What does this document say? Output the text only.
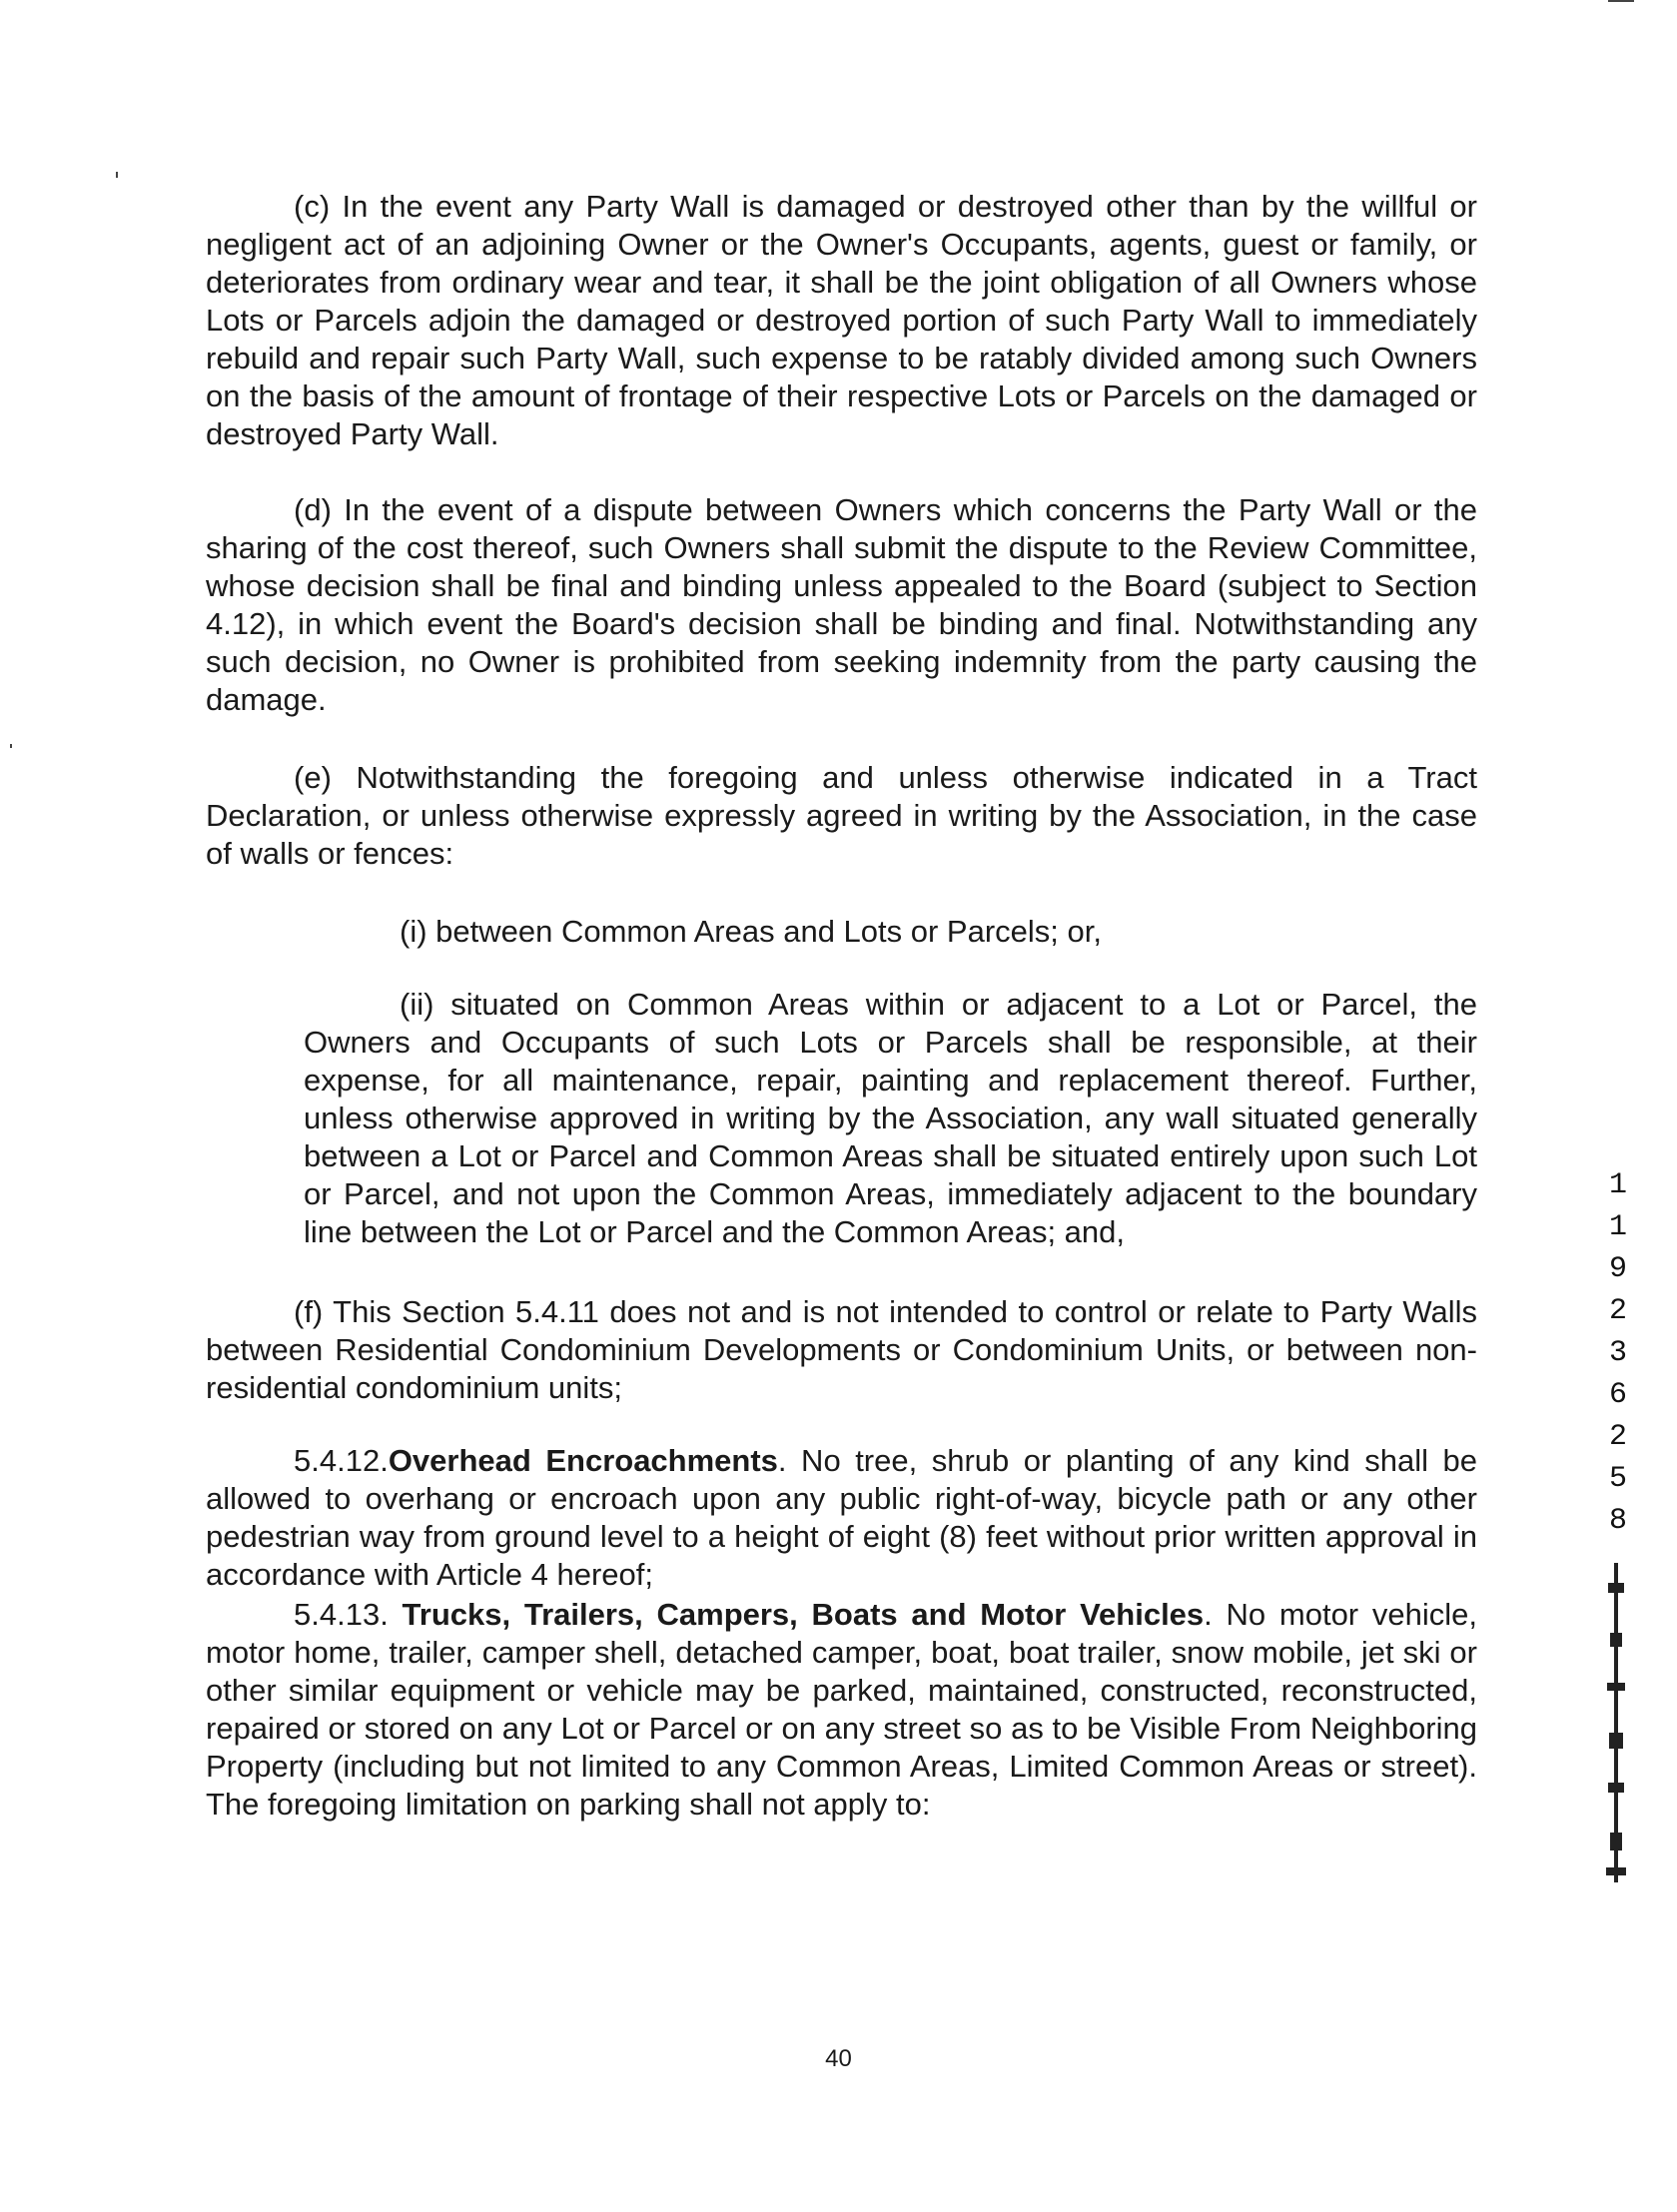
(c) In the event any Party Wall is damaged or destroyed other than by the willful or negligent act of an adjoining Owner or the Owner's Occupants, agents, guest or family, or deteriorates from ordinary wear and tear, it shall be the joint obligation of all Owners whose Lots or Parcels adjoin the damaged or destroyed portion of such Party Wall to immediately rebuild and repair such Party Wall, such expense to be ratably divided among such Owners on the basis of the amount of frontage of their respective Lots or Parcels on the damaged or destroyed Party Wall.

(d) In the event of a dispute between Owners which concerns the Party Wall or the sharing of the cost thereof, such Owners shall submit the dispute to the Review Committee, whose decision shall be final and binding unless appealed to the Board (subject to Section 4.12), in which event the Board's decision shall be binding and final. Notwithstanding any such decision, no Owner is prohibited from seeking indemnity from the party causing the damage.

(e) Notwithstanding the foregoing and unless otherwise indicated in a Tract Declaration, or unless otherwise expressly agreed in writing by the Association, in the case of walls or fences:

(i) between Common Areas and Lots or Parcels; or,

(ii) situated on Common Areas within or adjacent to a Lot or Parcel, the Owners and Occupants of such Lots or Parcels shall be responsible, at their expense, for all maintenance, repair, painting and replacement thereof. Further, unless otherwise approved in writing by the Association, any wall situated generally between a Lot or Parcel and Common Areas shall be situated entirely upon such Lot or Parcel, and not upon the Common Areas, immediately adjacent to the boundary line between the Lot or Parcel and the Common Areas; and,

(f) This Section 5.4.11 does not and is not intended to control or relate to Party Walls between Residential Condominium Developments or Condominium Units, or between non-residential condominium units;

5.4.12.Overhead Encroachments. No tree, shrub or planting of any kind shall be allowed to overhang or encroach upon any public right-of-way, bicycle path or any other pedestrian way from ground level to a height of eight (8) feet without prior written approval in accordance with Article 4 hereof;

5.4.13. Trucks, Trailers, Campers, Boats and Motor Vehicles. No motor vehicle, motor home, trailer, camper shell, detached camper, boat, boat trailer, snow mobile, jet ski or other similar equipment or vehicle may be parked, maintained, constructed, reconstructed, repaired or stored on any Lot or Parcel or on any street so as to be Visible From Neighboring Property (including but not limited to any Common Areas, Limited Common Areas or street). The foregoing limitation on parking shall not apply to:

40
1
1
9
2
3
6
2
5
8
